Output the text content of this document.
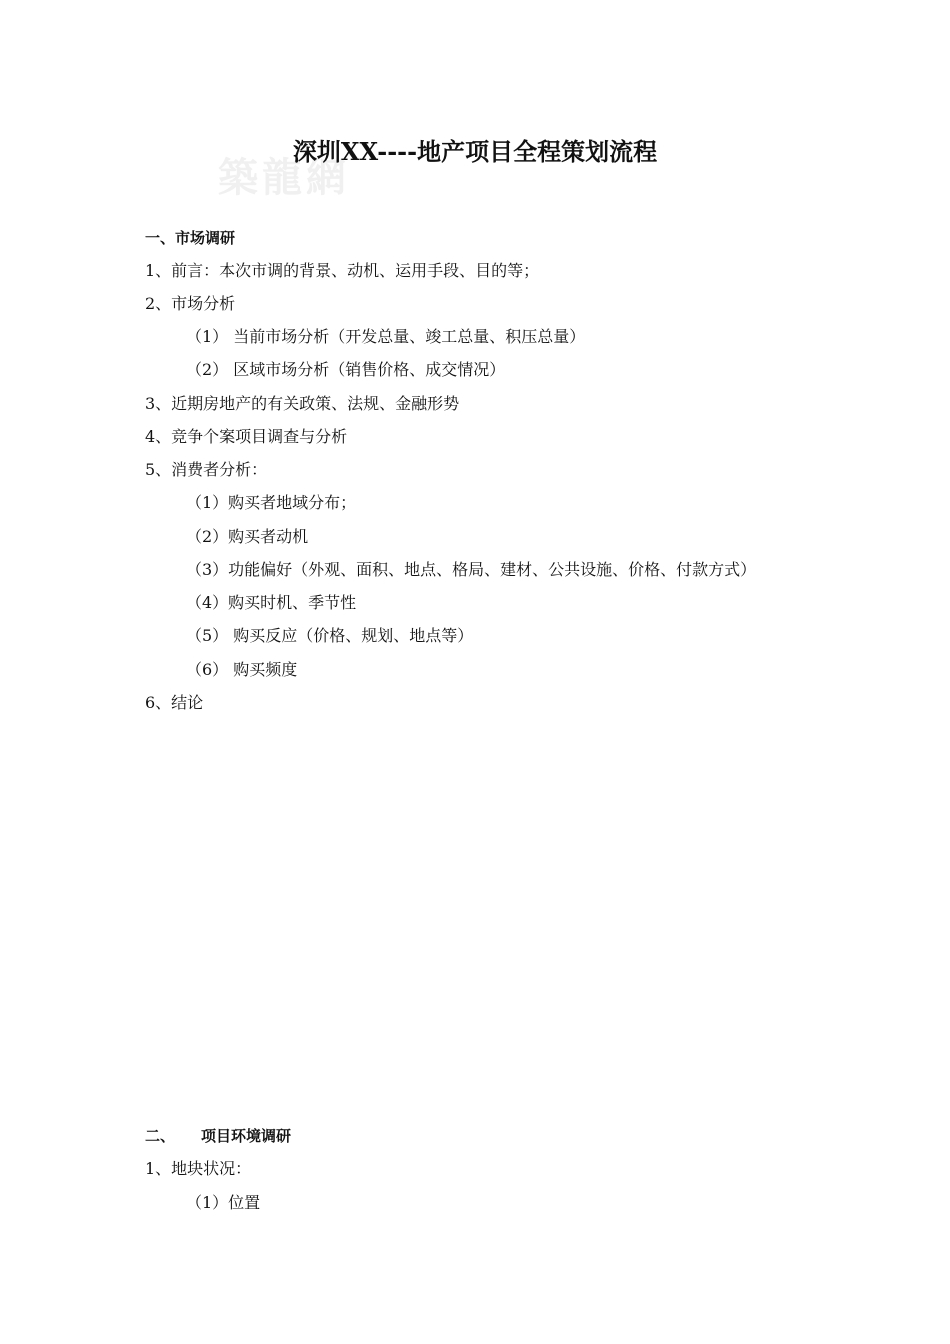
築龍網
深圳XX----地产项目全程策划流程
一、市场调研
1、前言：本次市调的背景、动机、运用手段、目的等；
2、市场分析
（1） 当前市场分析（开发总量、竣工总量、积压总量）
（2） 区域市场分析（销售价格、成交情况）
3、近期房地产的有关政策、法规、金融形势
4、竞争个案项目调查与分析
5、消费者分析：
（1）购买者地域分布；
（2）购买者动机
（3）功能偏好（外观、面积、地点、格局、建材、公共设施、价格、付款方式）
（4）购买时机、季节性
（5） 购买反应（价格、规划、地点等）
（6） 购买频度
6、结论
二、 项目环境调研
1、地块状况：
（1）位置
